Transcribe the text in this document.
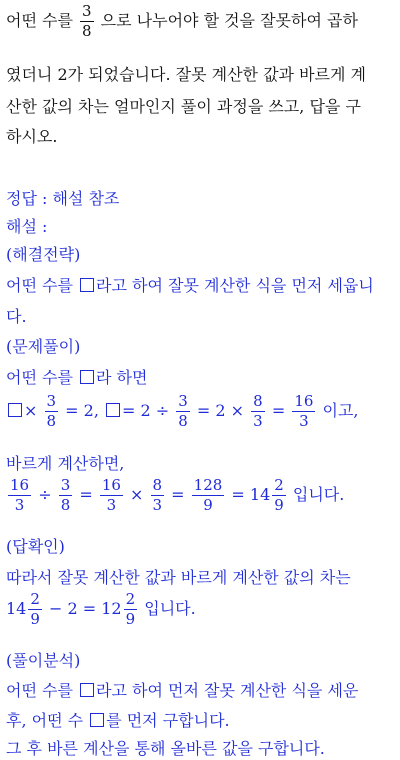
어떤 수를 $\frac{3}{8}$ 으로 나누어야 할 것을 잘못하여 곱하
였더니 2가 되었습니다. 잘못 계산한 값과 바르게 계
산한 값의 차는 얼마인지 풀이 과정을 쓰고, 답을 구
하시오.
정답 : 해설 참조
해설 :
(해결전략)
어떤 수를 라고 하여 잘못 계산한 식을 먼저 세웁니
다.
(문제풀이)
어떤 수를 라 하면
× $\frac{3}{8} = 2$, = $2 \div \frac{3}{8} = 2 \times \frac{8}{3} = \frac{16}{3}$ 이고,
바르게 계산하면,
$\frac{16}{3} \div \frac{3}{8} = \frac{16}{3} \times \frac{8}{3} = \frac{128}{9} = 14 \frac{2}{9}$ 입니다.
(답확인)
따라서 잘못 계산한 값과 바르게 계산한 값의 차는
$14 \frac{2}{9} - 2 = 12 \frac{2}{9}$ 입니다.
(풀이분석)
어떤 수를 라고 하여 먼저 잘못 계산한 식을 세운
후, 어떤 수 를 먼저 구합니다.
그 후 바른 계산을 통해 올바른 값을 구합니다.
